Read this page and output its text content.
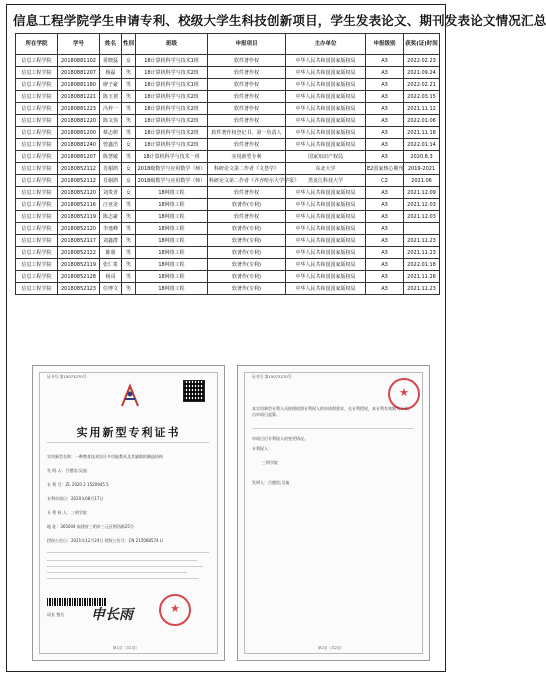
信息工程学院学生申请专利、校级大学生科技创新项目，学生发表论文、期刊发表论文情况汇总
所在学院	学号	姓名	性别	班级	申报项目	主办单位	申报级别	获奖(证)时间
信息工程学院	20180881102	常晓磊	女	18计算机科学与技术1班	软件著作权	中华人民共和国国家版权局	A3	2022.02.23
信息工程学院	20180881207	杨磊	男	18计算机科学与技术2班	软件著作权	中华人民共和国国家版权局	A3	2021.09.24
信息工程学院	20180881180	廖子豪	男	18计算机科学与技术1班	软件著作权	中华人民共和国国家版权局	A3	2022.02.21
信息工程学院	20180881221	陈玉禧	男	18计算机科学与技术2班	软件著作权	中华人民共和国国家版权局	A3	2022.03.15
信息工程学院	20180881223	冯梓一	男	18计算机科学与技术2班	软件著作权	中华人民共和国国家版权局	A3	2021.11.12
信息工程学院	20180881220	陈文伟	男	18计算机科学与技术2班	软件著作权	中华人民共和国国家版权局	A3	2022.01.06
信息工程学院	20180881200	蔡志树	男	18计算机科学与技术2班	软件著作权登记书，第一负责人	中华人民共和国国家版权局	A3	2021.11.18
信息工程学院	20180881240	曾鑫浩	女	18计算机科学与技术2班	软件著作权	中华人民共和国国家版权局	A3	2022.01.14
信息工程学院	20180881207	陈慧敏	男	18计算机科学与技术一班	实用新型专利	国家知识产权局	A3	2020.8.3
信息工程学院	20180852112	肖谢鸿	女	2018级数学与应用数学（师）	科研论文第二作者《文荟学》	东北大学	E2国家核心期刊	2019-2021
信息工程学院	20180852112	肖谢鸿	女	2018级数学与应用数学（师）	科研论文第二作者《齐齐哈尔大学学报》	黑龙江科技大学	C2	2021.06
信息工程学院	20180852120	刘贵青	女	18网络工程	软件著作权	中华人民共和国国家版权局	A3	2021.12.09
信息工程学院	20180852116	汪亚龙	男	18网络工程	软著作(专利)	中华人民共和国国家版权局	A3	2021.12.03
信息工程学院	20180852119	陈志豪	男	18网络工程	软件著作权	中华人民共和国国家版权局	A3	2021.12.03
信息工程学院	20180852120	李逸峰	男	18网络工程	软著作(专利)	中华人民共和国国家版权局	A3	
信息工程学院	20180852117	刘鑫群	男	18网络工程	软著作(专利)	中华人民共和国国家版权局	A3	2021.11.23
信息工程学院	20180852122	陈睿	男	18网络工程	软著作(专利)	中华人民共和国国家版权局	A3	2021.11.23
信息工程学院	20180852119	张仁希	男	18网络工程	软著作(专利)	中华人民共和国国家版权局	A3	2022.01.18
信息工程学院	20180852128	杨哥	男	18网络工程	软著作(专利)	中华人民共和国国家版权局	A3	2021.11.26
信息工程学院	20180852123	任博文	男	18网络工程	软著作(专利)	中华人民共和国国家版权局	A3	2021.11.23
证书号 第15073270号
实用新型专利证书
实用新型名称：一种教育技术设计多功能教具及其辅助的制造结构
发 明 人：吕德浩;吴迪
专 利 号：ZL 2020 2 1520945.5
专利申请日：2020年08月17日
专 利 权 人：三明学院
地 址：365004 福建省三明市三元区荆西路25号
授权公告日：2021年12月24日 授权公告号：CN 215068574 U
局长 签名 申长雨
★
第1页（共1页）
证书号 第15073270号
★
本实用新型专利人员按照依照专利权人的申请和要求，在专利授权，本专利有效期为十年，自申请日起算。
申请日后专利权人的变更情况。
专利权人：
三明学院
发明人：吕德浩;吴迪
第2页（共2页）
